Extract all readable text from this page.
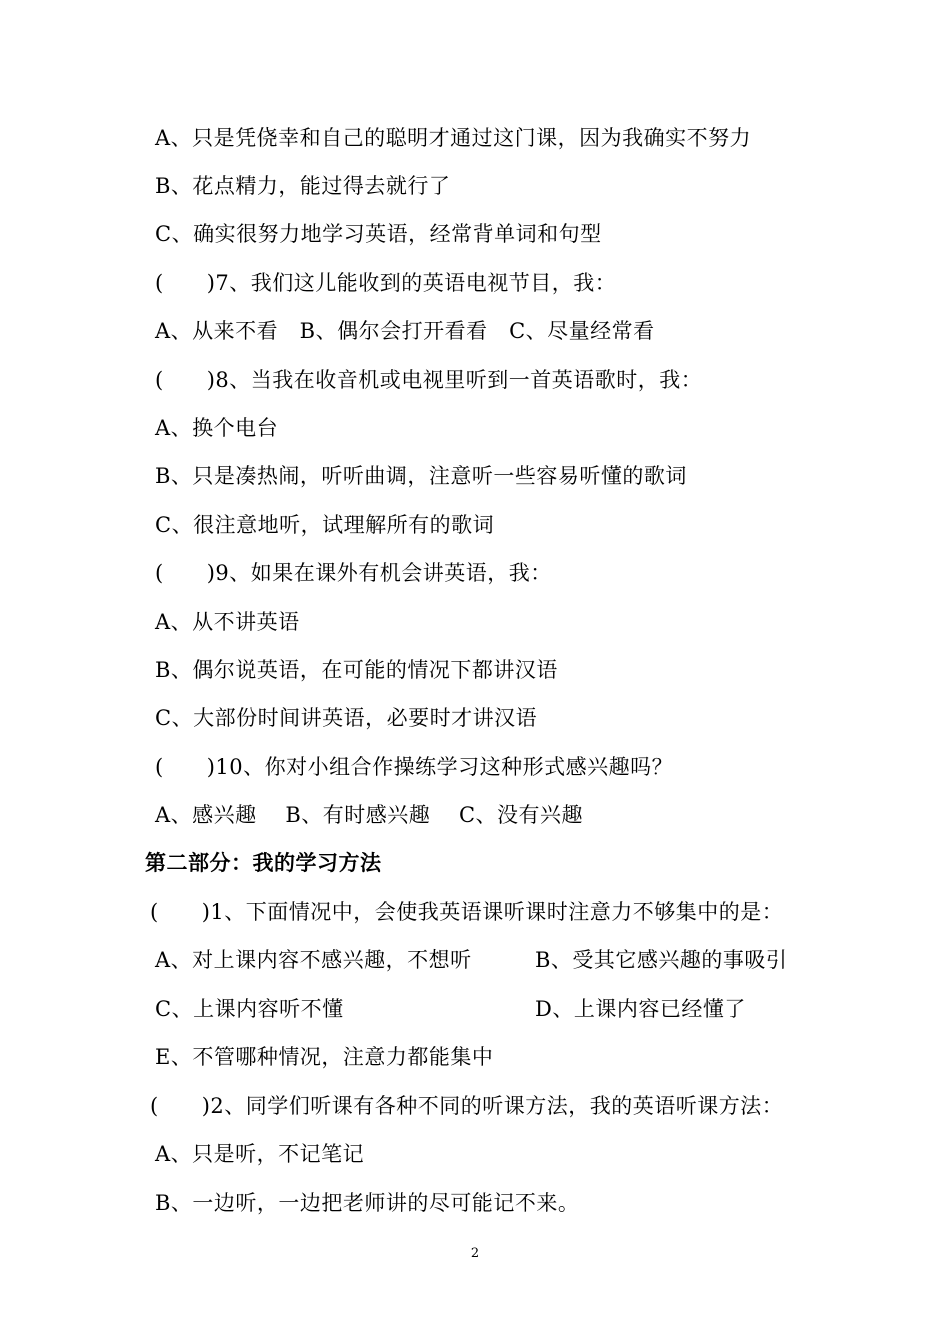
A、只是凭侥幸和自己的聪明才通过这门课，因为我确实不努力
B、花点精力，能过得去就行了
C、确实很努力地学习英语，经常背单词和句型
(　　)7、我们这儿能收到的英语电视节目，我：
A、从来不看　B、偶尔会打开看看　C、尽量经常看
(　　)8、当我在收音机或电视里听到一首英语歌时，我：
A、换个电台
B、只是凑热闹，听听曲调，注意听一些容易听懂的歌词
C、很注意地听，试理解所有的歌词
(　　)9、如果在课外有机会讲英语，我：
A、从不讲英语
B、偶尔说英语，在可能的情况下都讲汉语
C、大部份时间讲英语，必要时才讲汉语
(　　)10、你对小组合作操练学习这种形式感兴趣吗？
A、感兴趣　 B、有时感兴趣　 C、没有兴趣
第二部分：我的学习方法
(　　)1、下面情况中，会使我英语课听课时注意力不够集中的是：
A、对上课内容不感兴趣，不想听	B、受其它感兴趣的事吸引
C、上课内容听不懂	D、上课内容已经懂了
E、不管哪种情况，注意力都能集中
(　　)2、同学们听课有各种不同的听课方法，我的英语听课方法：
A、只是听，不记笔记
B、一边听，一边把老师讲的尽可能记不来。
2
